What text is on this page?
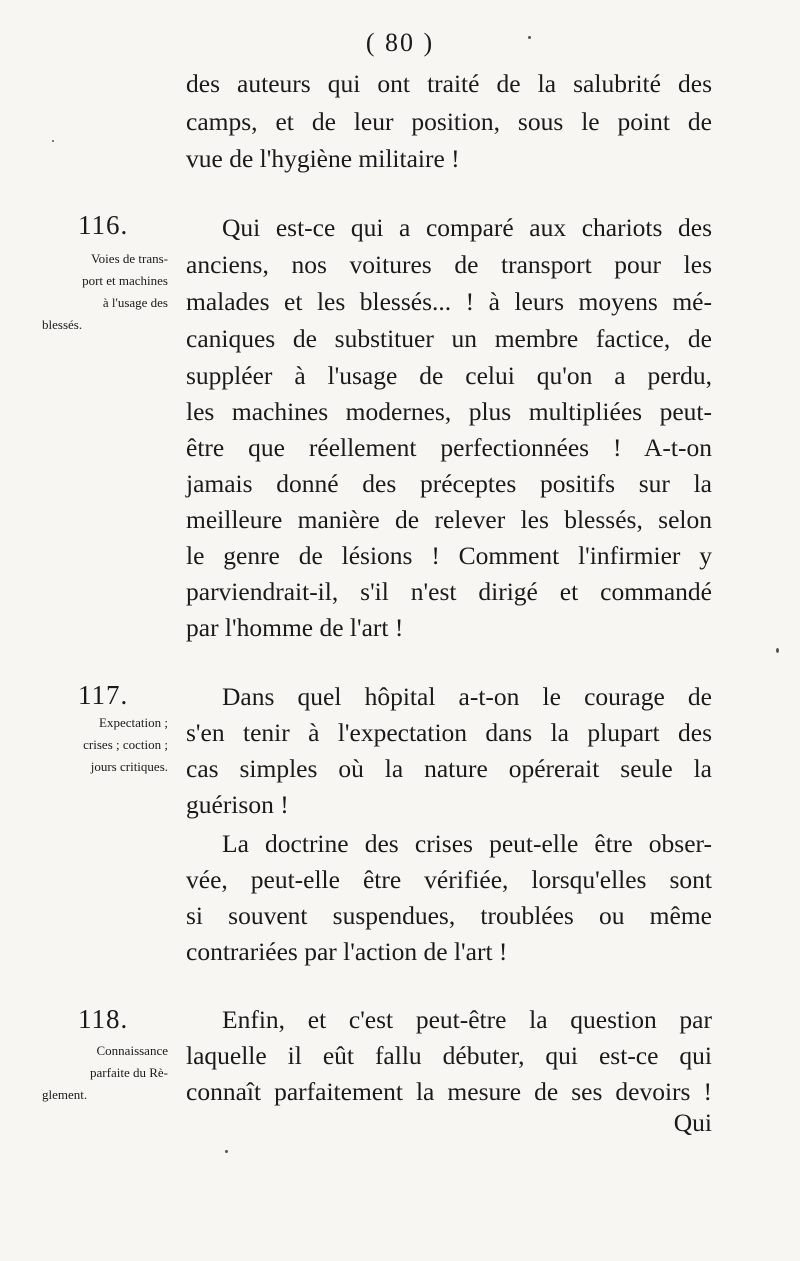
( 80 )
⁠ ⁠
des auteurs qui ont traité de la salubrité des
camps, et de leur position, sous le point de
vue de l'hygiène militaire !
116.
Voies de trans-
port et machines
à l'usage des
blessés.
Qui est-ce qui a comparé aux chariots des
anciens, nos voitures de transport pour les
malades et les blessés... ! à leurs moyens mé-
caniques de substituer un membre factice, de
suppléer à l'usage de celui qu'on a perdu,
les machines modernes, plus multipliées peut-
être que réellement perfectionnées ! A-t-on
jamais donné des préceptes positifs sur la
meilleure manière de relever les blessés, selon
le genre de lésions ! Comment l'infirmier y
parviendrait-il, s'il n'est dirigé et commandé
par l'homme de l'art !
117.
Expectation ;
crises ; coction ;
jours critiques.
Dans quel hôpital a-t-on le courage de
s'en tenir à l'expectation dans la plupart des
cas simples où la nature opérerait seule la
guérison !
La doctrine des crises peut-elle être obser-
vée, peut-elle être vérifiée, lorsqu'elles sont
si souvent suspendues, troublées ou même
contrariées par l'action de l'art !
118.
Connaissance
parfaite du Rè-
glement.
Enfin, et c'est peut-être la question par
laquelle il eût fallu débuter, qui est-ce qui
connaît parfaitement la mesure de ses devoirs !
Qui
